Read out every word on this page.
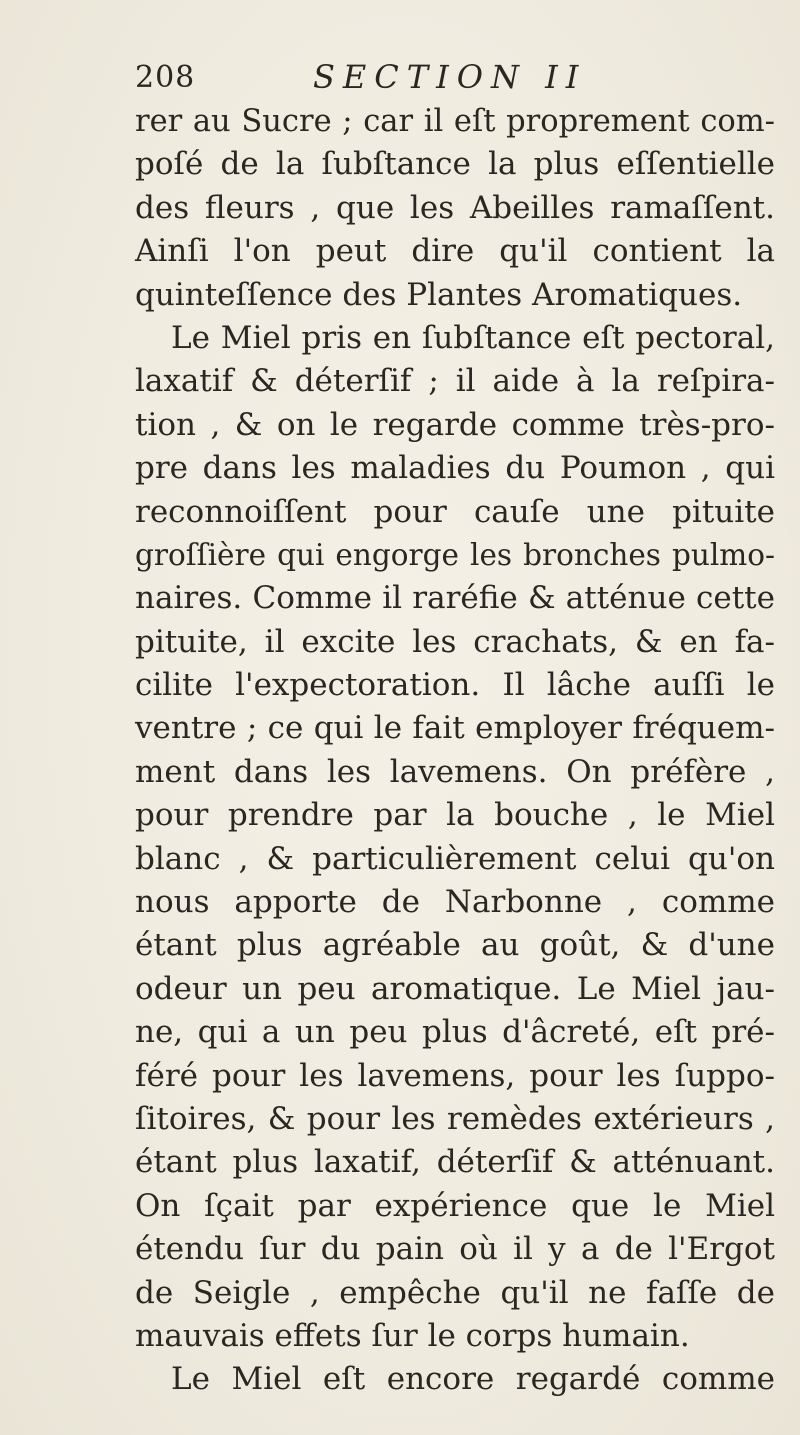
208	SECTION II
rer au Sucre ; car il eſt proprement com-
poſé de la ſubſtance la plus eſſentielle
des fleurs , que les Abeilles ramaſſent.
Ainſi l'on peut dire qu'il contient la
quinteſſence des Plantes Aromatiques.
Le Miel pris en ſubſtance eſt pectoral,
laxatif & déterſif ; il aide à la reſpira-
tion , & on le regarde comme très-pro-
pre dans les maladies du Poumon , qui
reconnoiſſent pour cauſe une pituite
groſſière qui engorge les bronches pulmo-
naires. Comme il raréfie & atténue cette
pituite, il excite les crachats, & en fa-
cilite l'expectoration. Il lâche auſſi le
ventre ; ce qui le fait employer fréquem-
ment dans les lavemens. On préfère ,
pour prendre par la bouche , le Miel
blanc , & particulièrement celui qu'on
nous apporte de Narbonne , comme
étant plus agréable au goût, & d'une
odeur un peu aromatique. Le Miel jau-
ne, qui a un peu plus d'âcreté, eſt pré-
féré pour les lavemens, pour les ſuppo-
ſitoires, & pour les remèdes extérieurs ,
étant plus laxatif, déterſif & atténuant.
On ſçait par expérience que le Miel
étendu ſur du pain où il y a de l'Ergot
de Seigle , empêche qu'il ne faſſe de
mauvais effets ſur le corps humain.
Le Miel eſt encore regardé comme
